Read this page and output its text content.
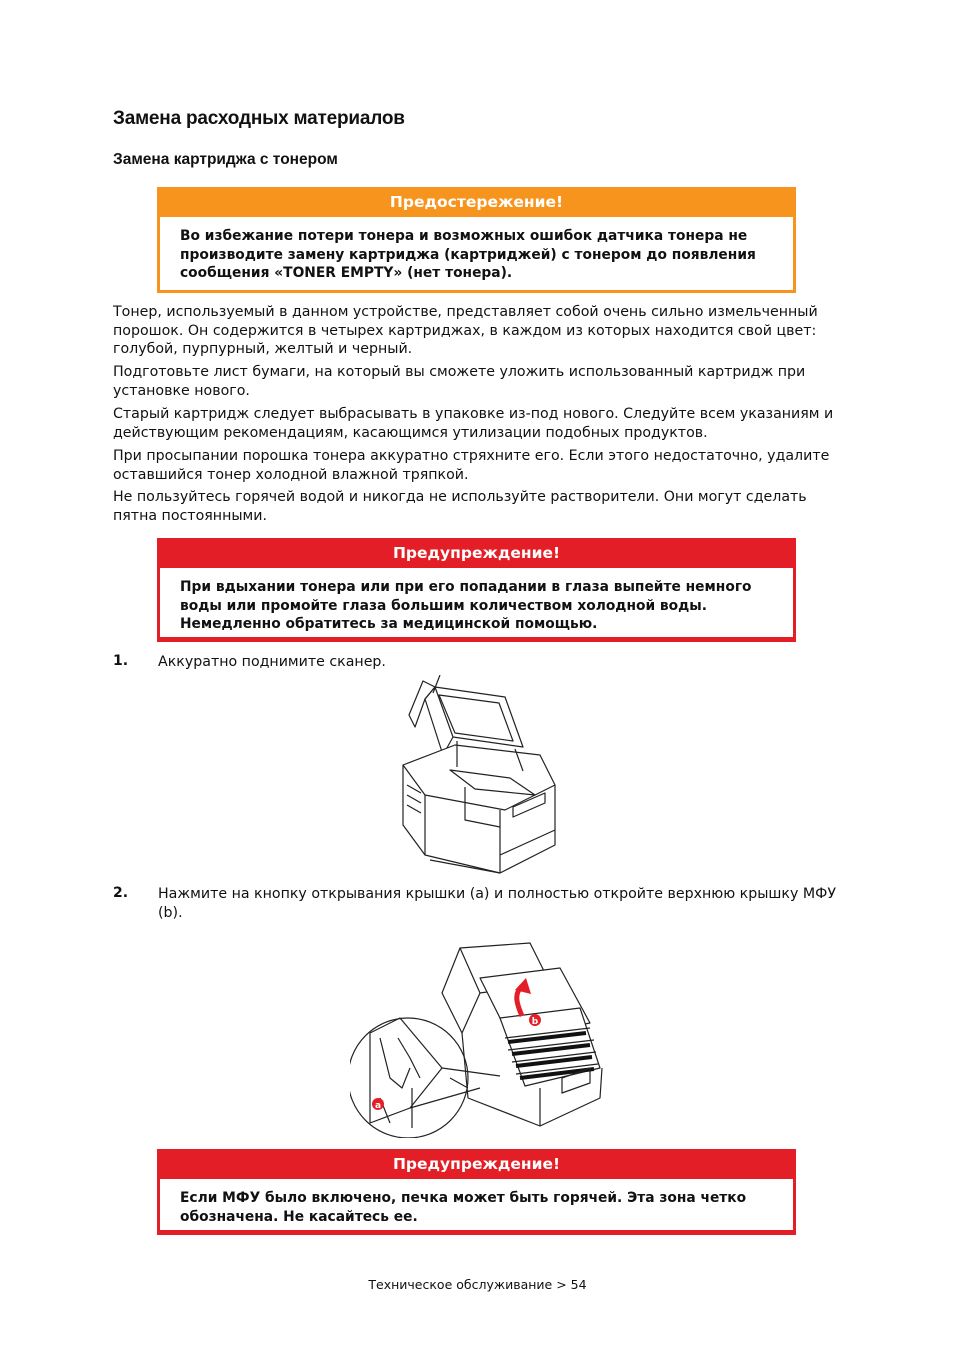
Замена расходных материалов
Замена картриджа с тонером
Предостережение!
Во избежание потери тонера и возможных ошибок датчика тонера не производите замену картриджа (картриджей) с тонером до появления сообщения «TONER EMPTY» (нет тонера).
Тонер, используемый в данном устройстве, представляет собой очень сильно измельченный порошок. Он содержится в четырех картриджах, в каждом из которых находится свой цвет: голубой, пурпурный, желтый и черный.
Подготовьте лист бумаги, на который вы сможете уложить использованный картридж при установке нового.
Старый картридж следует выбрасывать в упаковке из-под нового. Следуйте всем указаниям и действующим рекомендациям, касающимся утилизации подобных продуктов.
При просыпании порошка тонера аккуратно стряхните его. Если этого недостаточно, удалите оставшийся тонер холодной влажной тряпкой.
Не пользуйтесь горячей водой и никогда не используйте растворители. Они могут сделать пятна постоянными.
Предупреждение!
При вдыхании тонера или при его попадании в глаза выпейте немного воды или промойте глаза большим количеством холодной воды. Немедленно обратитесь за медицинской помощью.
1. Аккуратно поднимите сканер.
2. Нажмите на кнопку открывания крышки (а) и полностью откройте верхнюю крышку МФУ (b).
b
a
Предупреждение!
Если МФУ было включено, печка может быть горячей. Эта зона четко обозначена. Не касайтесь ее.
Техническое обслуживание > 54
